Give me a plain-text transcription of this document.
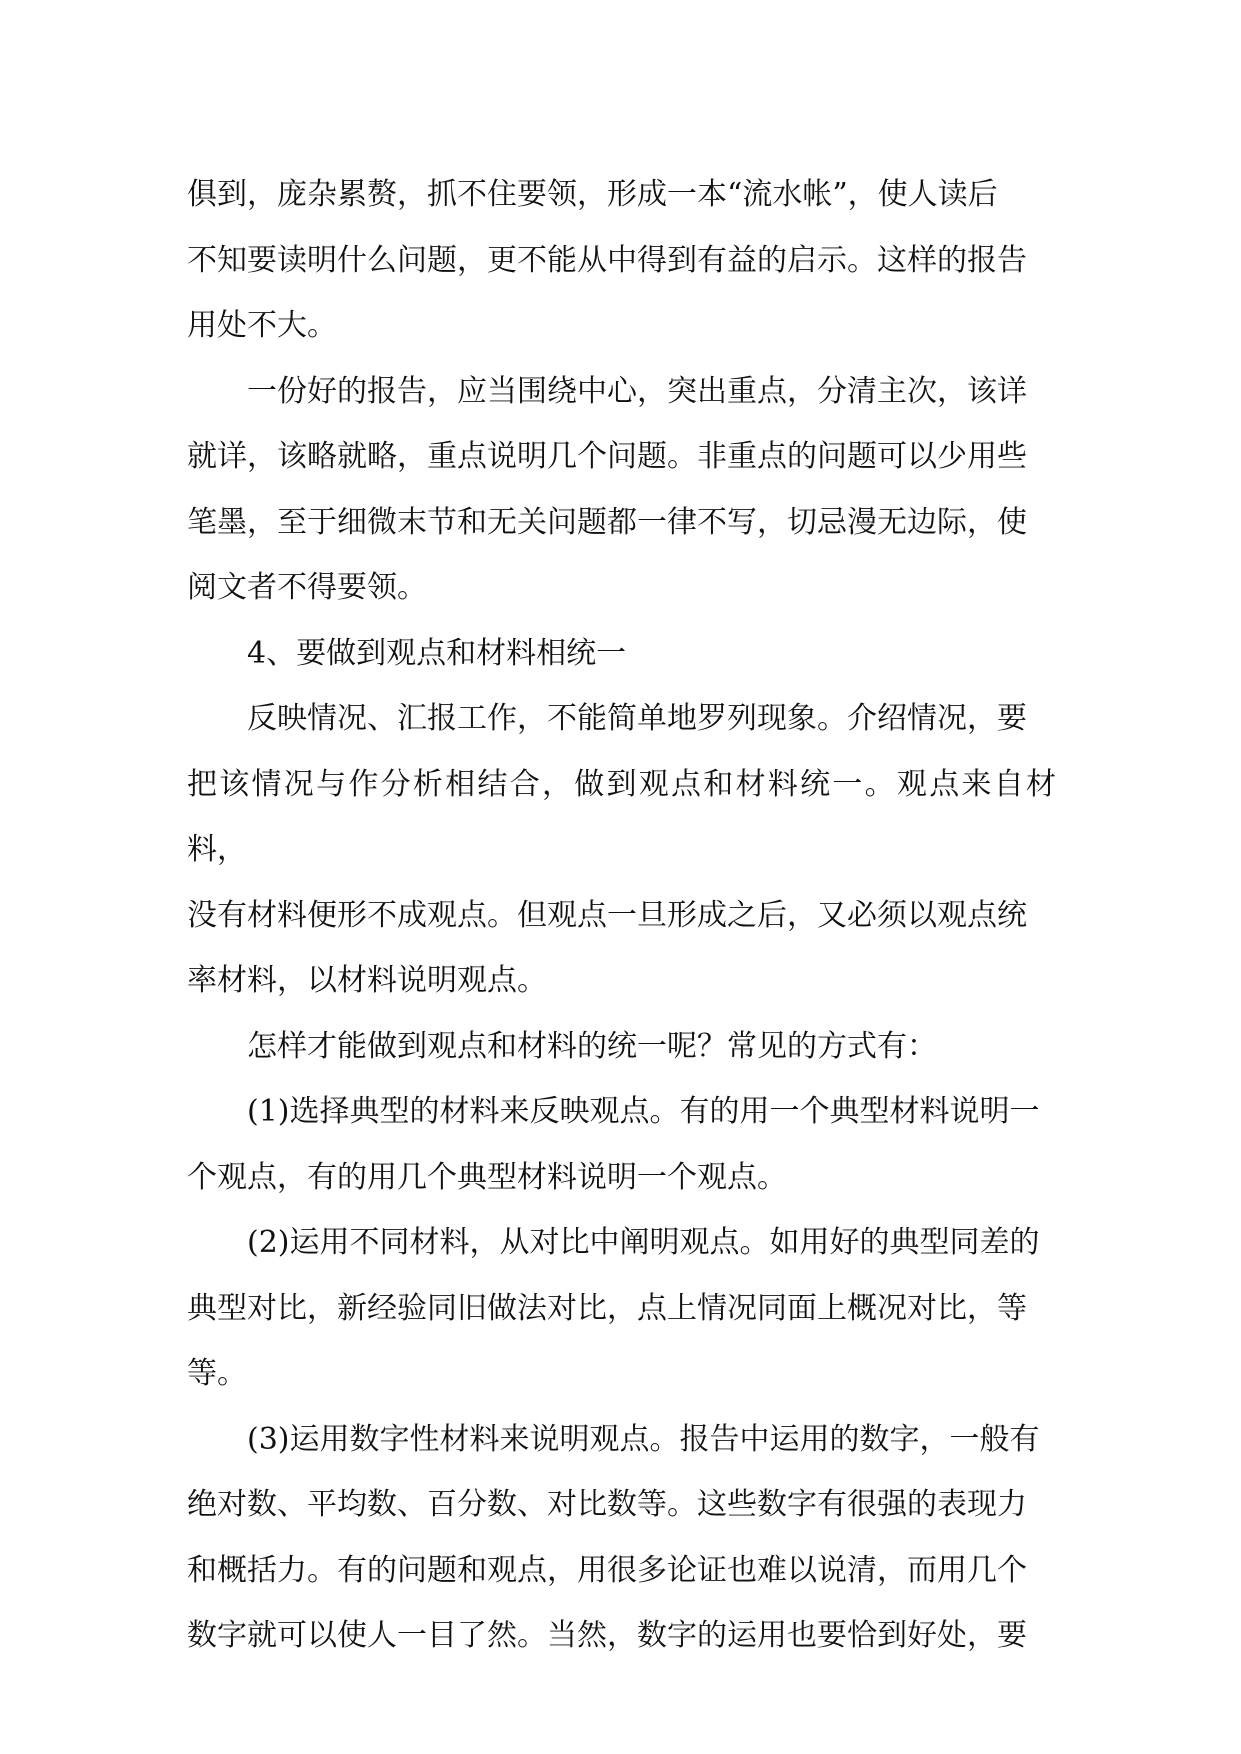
俱到，庞杂累赘，抓不住要领，形成一本“流水帐”，使人读后
不知要读明什么问题，更不能从中得到有益的启示。这样的报告
用处不大。
一份好的报告，应当围绕中心，突出重点，分清主次，该详
就详，该略就略，重点说明几个问题。非重点的问题可以少用些
笔墨，至于细微末节和无关问题都一律不写，切忌漫无边际，使
阅文者不得要领。
4、要做到观点和材料相统一
反映情况、汇报工作，不能简单地罗列现象。介绍情况，要
把该情况与作分析相结合，做到观点和材料统一。观点来自材料，
没有材料便形不成观点。但观点一旦形成之后，又必须以观点统
率材料，以材料说明观点。
怎样才能做到观点和材料的统一呢？常见的方式有：
(1)选择典型的材料来反映观点。有的用一个典型材料说明一
个观点，有的用几个典型材料说明一个观点。
(2)运用不同材料，从对比中阐明观点。如用好的典型同差的
典型对比，新经验同旧做法对比，点上情况同面上概况对比，等
等。
(3)运用数字性材料来说明观点。报告中运用的数字，一般有
绝对数、平均数、百分数、对比数等。这些数字有很强的表现力
和概括力。有的问题和观点，用很多论证也难以说清，而用几个
数字就可以使人一目了然。当然，数字的运用也要恰到好处，要
